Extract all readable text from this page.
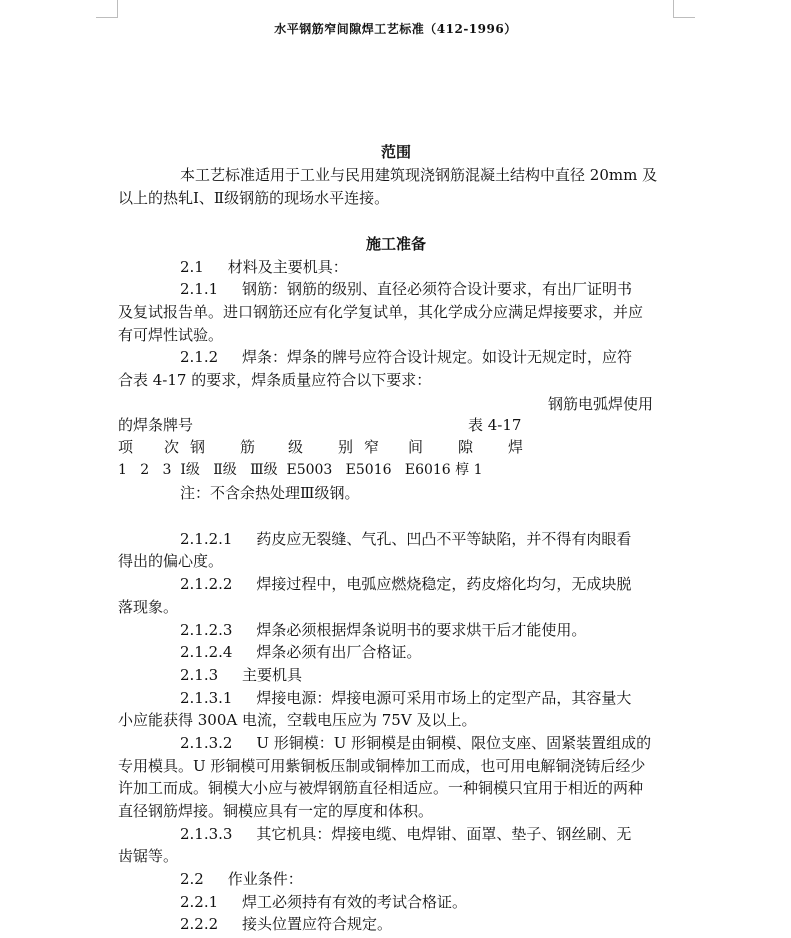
水平钢筋窄间隙焊工艺标准（412-1996）
范围
本工艺标准适用于工业与民用建筑现浇钢筋混凝土结构中直径 20mm 及
以上的热轧Ⅰ、Ⅱ级钢筋的现场水平连接。
施工准备
2.1     材料及主要机具：
2.1.1     钢筋：钢筋的级别、直径必须符合设计要求，有出厂证明书
及复试报告单。进口钢筋还应有化学复试单，其化学成分应满足焊接要求，并应
有可焊性试验。
2.1.2     焊条：焊条的牌号应符合设计规定。如设计无规定时，应符
合表 4-17 的要求，焊条质量应符合以下要求：
钢筋电弧焊使用
的焊条牌号	表 4-17
项	次 钢	筋	级	别 窄	间	隙	焊
1   2   3  Ⅰ级   Ⅱ级   Ⅲ级  E5003   E5016   E6016 椁 1
注：不含余热处理Ⅲ级钢。
2.1.2.1     药皮应无裂缝、气孔、凹凸不平等缺陷，并不得有肉眼看
得出的偏心度。
2.1.2.2     焊接过程中，电弧应燃烧稳定，药皮熔化均匀，无成块脱
落现象。
2.1.2.3     焊条必须根据焊条说明书的要求烘干后才能使用。
2.1.2.4     焊条必须有出厂合格证。
2.1.3     主要机具
2.1.3.1     焊接电源：焊接电源可采用市场上的定型产品，其容量大
小应能获得 300A 电流，空载电压应为 75V 及以上。
2.1.3.2     U 形铜模：U 形铜模是由铜模、限位支座、固紧装置组成的
专用模具。U 形铜模可用紫铜板压制或铜棒加工而成，也可用电解铜浇铸后经少
许加工而成。铜模大小应与被焊钢筋直径相适应。一种铜模只宜用于相近的两种
直径钢筋焊接。铜模应具有一定的厚度和体积。
2.1.3.3     其它机具：焊接电缆、电焊钳、面罩、垫子、钢丝刷、无
齿锯等。
2.2     作业条件：
2.2.1     焊工必须持有有效的考试合格证。
2.2.2     接头位置应符合规定。
